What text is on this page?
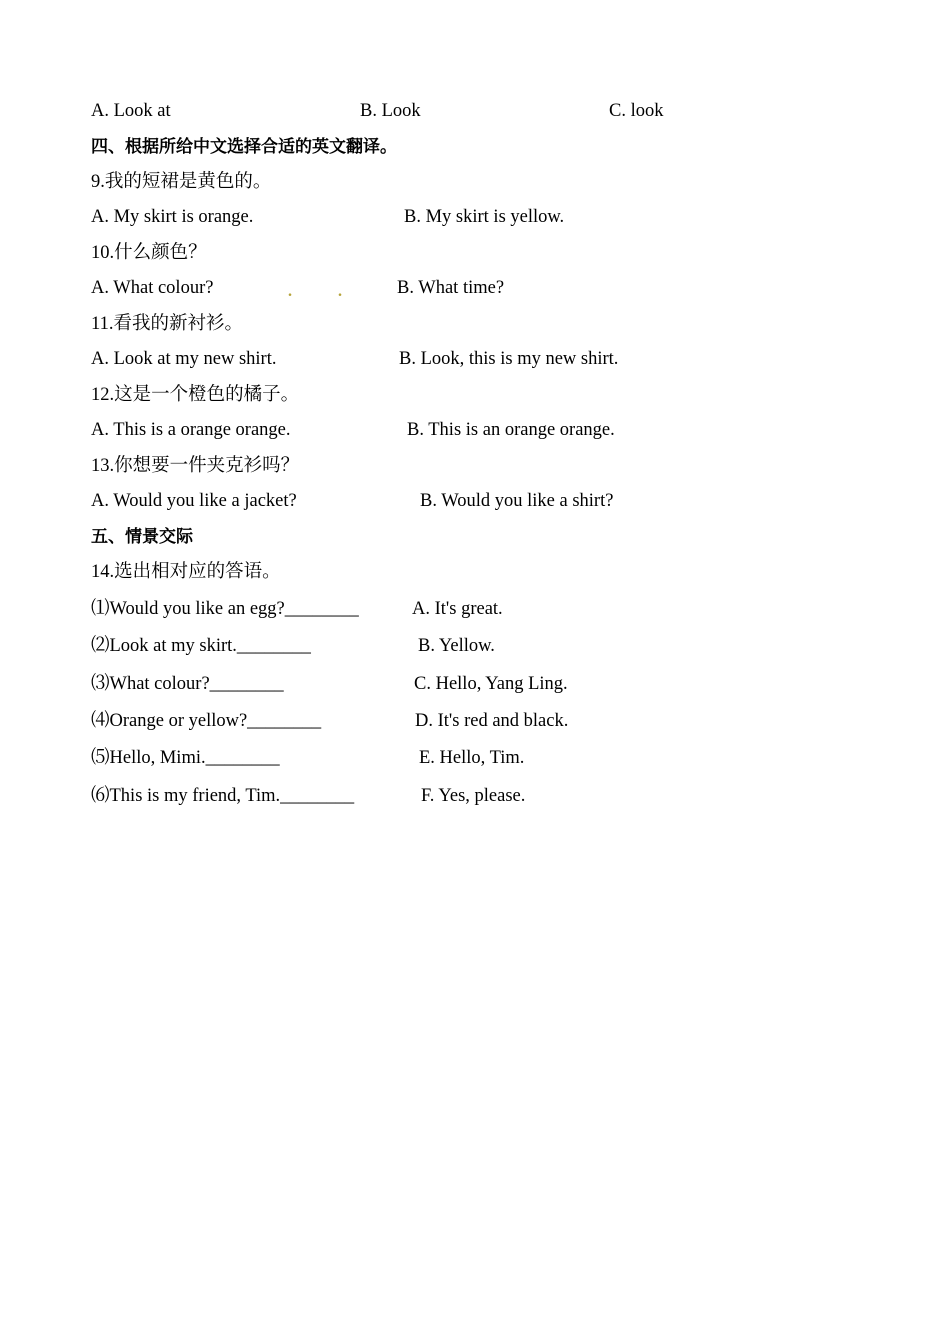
A. Look at	B. Look	C. look
四、根据所给中文选择合适的英文翻译。
9.我的短裙是黄色的。
A. My skirt is orange.	B. My skirt is yellow.
10.什么颜色？
A. What colour?	.	.	B. What time?
11.看我的新衬衫。
A. Look at my new shirt.	B. Look, this is my new shirt.
12.这是一个橙色的橘子。
A. This is a orange orange.	B. This is an orange orange.
13.你想要一件夹克衫吗？
A. Would you like a jacket?	B. Would you like a shirt?
五、情景交际
14.选出相对应的答语。
⑴Would you like an egg?________	A. It's great.
⑵Look at my skirt.________	B. Yellow.
⑶What colour?________	C. Hello, Yang Ling.
⑷Orange or yellow?________	D. It's red and black.
⑸Hello, Mimi.________	E. Hello, Tim.
⑹This is my friend, Tim.________	F. Yes, please.
